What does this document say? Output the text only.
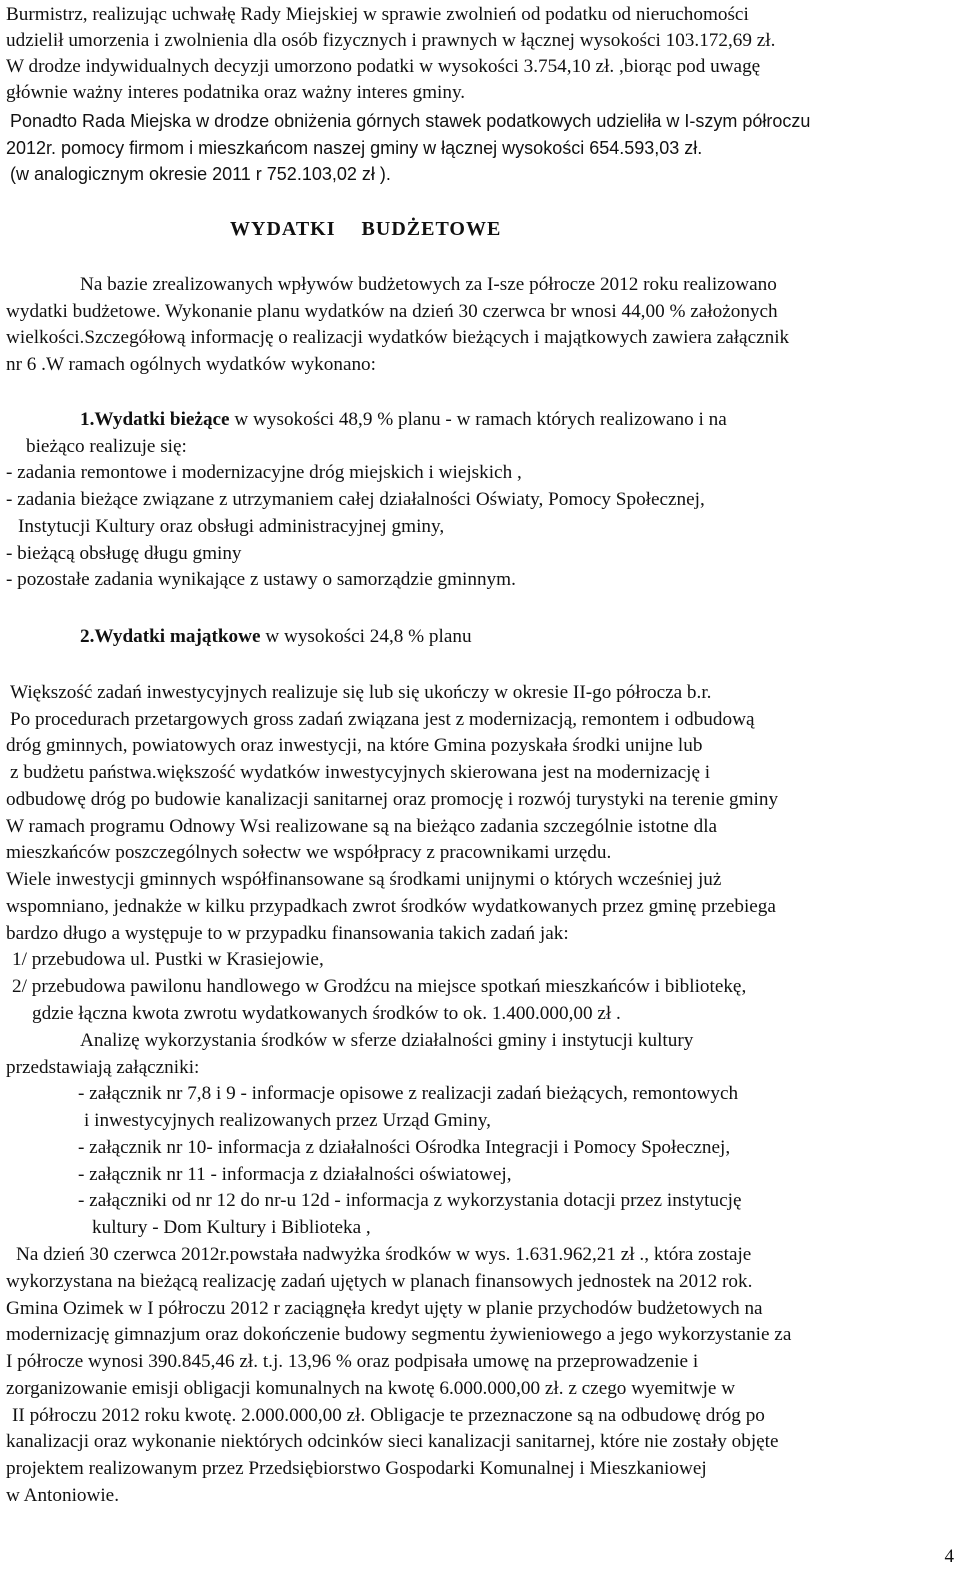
Burmistrz, realizując uchwałę Rady Miejskiej w sprawie zwolnień od podatku od nieruchomości
udzielił umorzenia i zwolnienia dla osób fizycznych i prawnych w łącznej wysokości 103.172,69 zł.
W drodze indywidualnych decyzji umorzono podatki w wysokości 3.754,10 zł. ,biorąc pod uwagę
głównie ważny interes podatnika oraz ważny interes gminy.
Ponadto Rada Miejska w drodze obniżenia górnych stawek podatkowych udzieliła w I-szym półroczu
2012r. pomocy firmom i mieszkańcom naszej gminy w łącznej wysokości 654.593,03 zł.
(w analogicznym okresie 2011 r 752.103,02 zł ).
WYDATKI BUDŻETOWE
Na bazie zrealizowanych wpływów budżetowych za I-sze półrocze 2012 roku realizowano
wydatki budżetowe. Wykonanie planu wydatków na dzień 30 czerwca br wnosi 44,00 % założonych
wielkości.Szczegółową informację o realizacji wydatków bieżących i majątkowych zawiera załącznik
nr 6 .W ramach ogólnych wydatków wykonano:
1.Wydatki bieżące w wysokości 48,9 % planu - w ramach których realizowano i na
bieżąco realizuje się:
- zadania remontowe i modernizacyjne dróg miejskich i wiejskich ,
- zadania bieżące związane z utrzymaniem całej działalności Oświaty, Pomocy Społecznej,
Instytucji Kultury oraz obsługi administracyjnej gminy,
- bieżącą obsługę długu gminy
- pozostałe zadania wynikające z ustawy o samorządzie gminnym.
2.Wydatki majątkowe w wysokości 24,8 % planu
Większość zadań inwestycyjnych realizuje się lub się ukończy w okresie II-go półrocza b.r.
Po procedurach przetargowych gross zadań związana jest z modernizacją, remontem i odbudową
dróg gminnych, powiatowych oraz inwestycji, na które Gmina pozyskała środki unijne lub
z budżetu państwa.większość wydatków inwestycyjnych skierowana jest na modernizację i
odbudowę dróg po budowie kanalizacji sanitarnej oraz promocję i rozwój turystyki na terenie gminy
W ramach programu Odnowy Wsi realizowane są na bieżąco zadania szczególnie istotne dla
mieszkańców poszczególnych sołectw we współpracy z pracownikami urzędu.
Wiele inwestycji gminnych współfinansowane są środkami unijnymi o których wcześniej już
wspomniano, jednakże w kilku przypadkach zwrot środków wydatkowanych przez gminę przebiega
bardzo długo a występuje to w przypadku finansowania takich zadań jak:
1/ przebudowa ul. Pustki w Krasiejowie,
2/ przebudowa pawilonu handlowego w Grodźcu na miejsce spotkań mieszkańców i bibliotekę,
gdzie łączna kwota zwrotu wydatkowanych środków to ok. 1.400.000,00 zł .
Analizę wykorzystania środków w sferze działalności gminy i instytucji kultury
przedstawiają załączniki:
- załącznik nr 7,8 i 9 - informacje opisowe z realizacji zadań bieżących, remontowych
i inwestycyjnych realizowanych przez Urząd Gminy,
- załącznik nr 10- informacja z działalności Ośrodka Integracji i Pomocy Społecznej,
- załącznik nr 11 - informacja z działalności oświatowej,
- załączniki od nr 12 do nr-u 12d - informacja z wykorzystania dotacji przez instytucję
kultury - Dom Kultury i Biblioteka ,
Na dzień 30 czerwca 2012r.powstała nadwyżka środków w wys. 1.631.962,21 zł ., która zostaje
wykorzystana na bieżącą realizację zadań ujętych w planach finansowych jednostek na 2012 rok.
Gmina Ozimek w I półroczu 2012 r zaciągnęła kredyt ujęty w planie przychodów budżetowych na
modernizację gimnazjum oraz dokończenie budowy segmentu żywieniowego a jego wykorzystanie za
I półrocze wynosi 390.845,46 zł. t.j. 13,96 % oraz podpisała umowę na przeprowadzenie i
zorganizowanie emisji obligacji komunalnych na kwotę 6.000.000,00 zł. z czego wyemitwje w
II półroczu 2012 roku kwotę. 2.000.000,00 zł. Obligacje te przeznaczone są na odbudowę dróg po
kanalizacji oraz wykonanie niektórych odcinków sieci kanalizacji sanitarnej, które nie zostały objęte
projektem realizowanym przez Przedsiębiorstwo Gospodarki Komunalnej i Mieszkaniowej
w Antoniowie.
4
